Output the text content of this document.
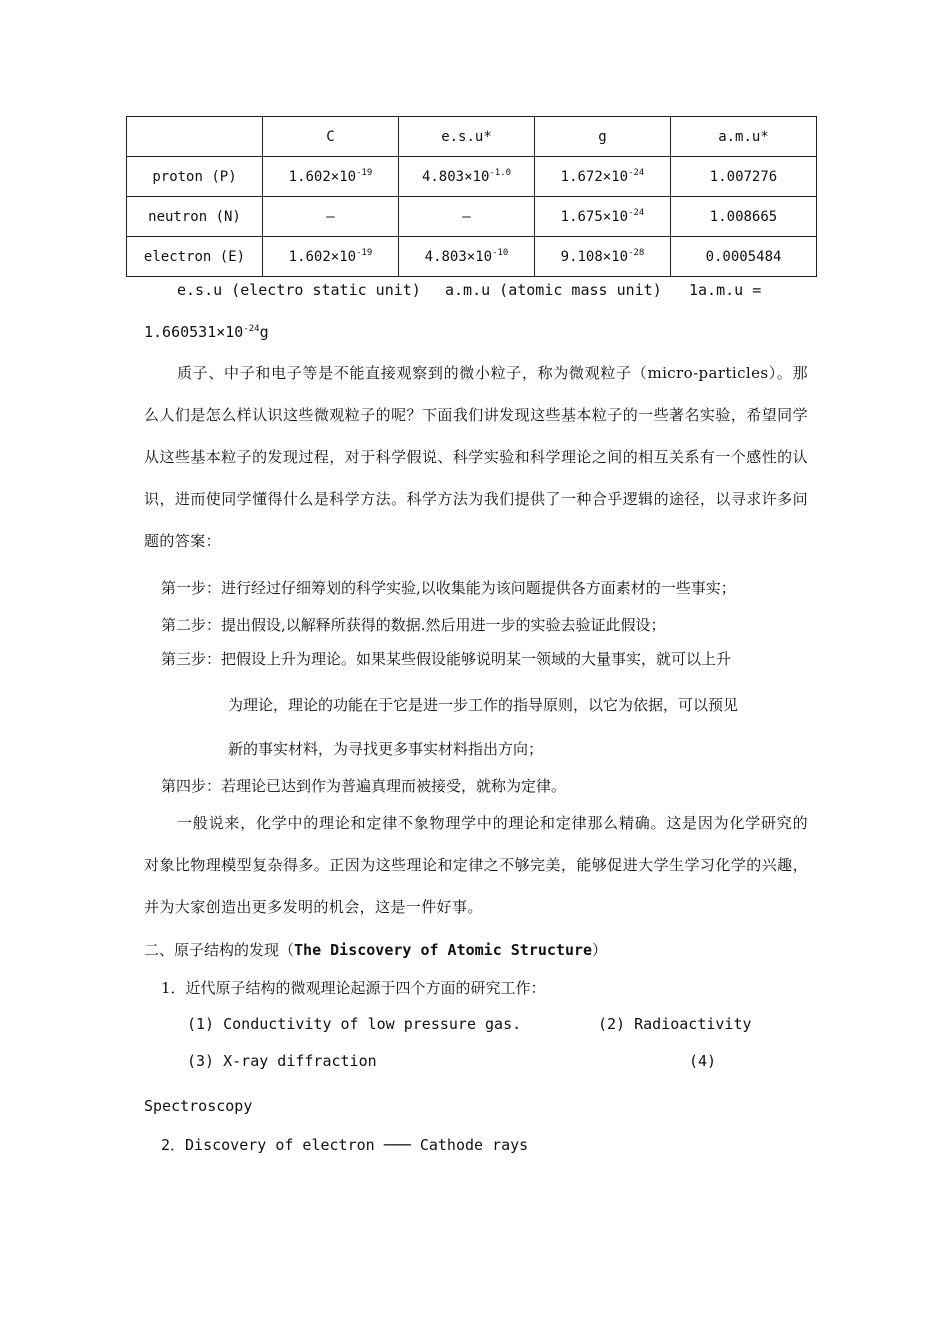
	C	e.s.u*	g	a.m.u*
proton (P)	$1.602\times 10^{-19}$	$4.803\times 10^{-1.0}$	$1.672\times 10^{-24}$	1.007276
neutron (N)	—	—	$1.675\times 10^{-24}$	1.008665
electron (E)	$1.602\times 10^{-19}$	$4.803\times 10^{-10}$	$9.108\times 10^{-28}$	0.0005484
e.s.u (electro static unit) a.m.u (atomic mass unit) 1a.m.u =
$1.660531\times 10^{-24}g$
质子、中子和电子等是不能直接观察到的微小粒子，称为微观粒子（micro-particles）。那么人们是怎么样认识这些微观粒子的呢？下面我们讲发现这些基本粒子的一些著名实验，希望同学从这些基本粒子的发现过程，对于科学假说、科学实验和科学理论之间的相互关系有一个感性的认识，进而使同学懂得什么是科学方法。科学方法为我们提供了一种合乎逻辑的途径，以寻求许多问题的答案：
第一步：进行经过仔细筹划的科学实验,以收集能为该问题提供各方面素材的一些事实；
第二步：提出假设,以解释所获得的数据.然后用进一步的实验去验证此假设；
第三步：把假设上升为理论。如果某些假设能够说明某一领域的大量事实，就可以上升
为理论，理论的功能在于它是进一步工作的指导原则，以它为依据，可以预见
新的事实材料，为寻找更多事实材料指出方向；
第四步：若理论已达到作为普遍真理而被接受，就称为定律。
一般说来，化学中的理论和定律不象物理学中的理论和定律那么精确。这是因为化学研究的对象比物理模型复杂得多。正因为这些理论和定律之不够完美，能够促进大学生学习化学的兴趣，并为大家创造出更多发明的机会，这是一件好事。
二、原子结构的发现（The Discovery of Atomic Structure）
1．近代原子结构的微观理论起源于四个方面的研究工作：
(1) Conductivity of low pressure gas.	(2) Radioactivity
(3) X-ray diffraction	(4)
Spectroscopy
2．Discovery of electron ─── Cathode rays
